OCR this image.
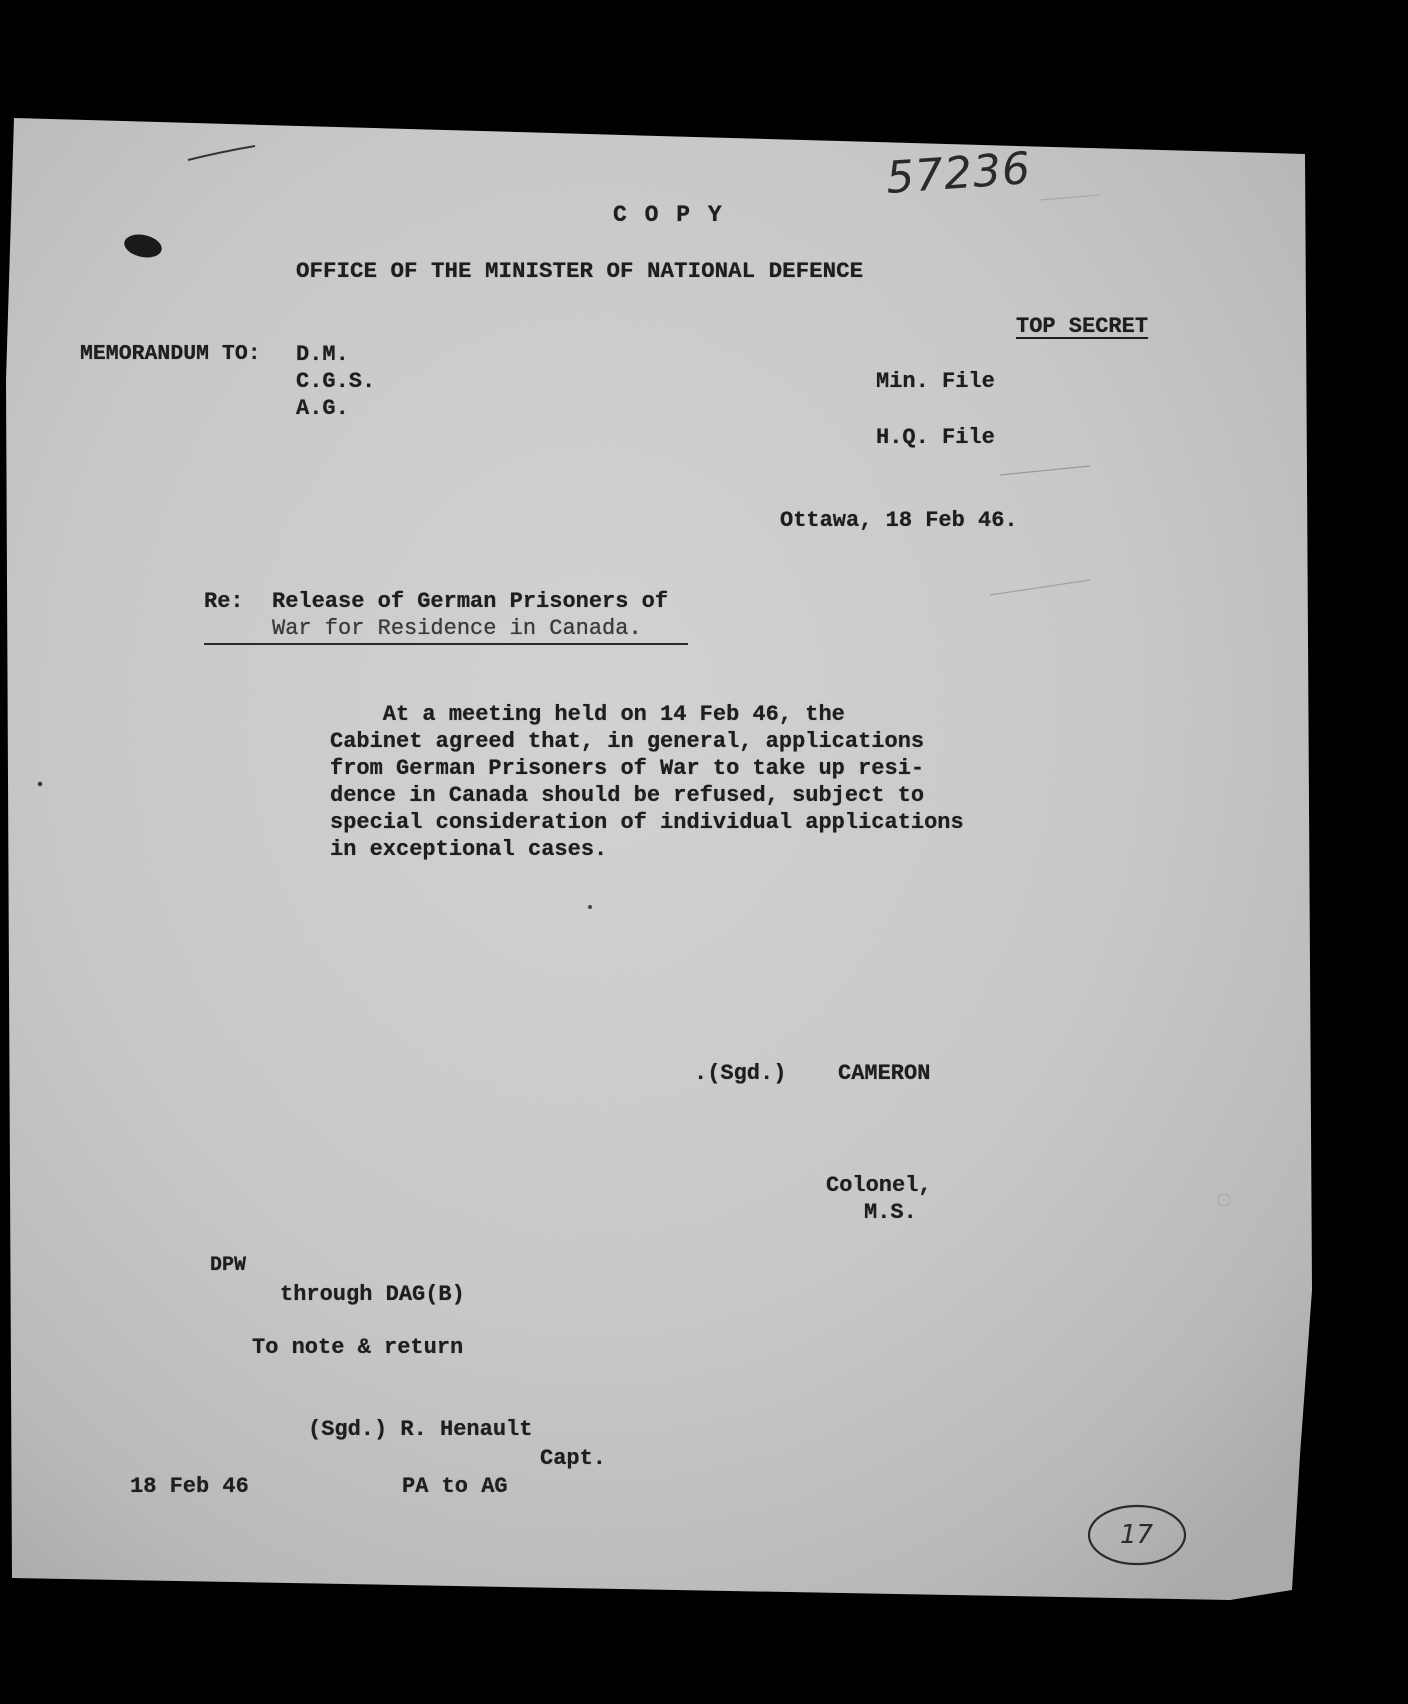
57236
C O P Y
OFFICE OF THE MINISTER OF NATIONAL DEFENCE
TOP SECRET
MEMORANDUM TO: D.M.
C.G.S.
A.G.
Min. File
H.Q. File
Ottawa, 18 Feb 46.
Re: Release of German Prisoners of
War for Residence in Canada.
At a meeting held on 14 Feb 46, the
Cabinet agreed that, in general, applications
from German Prisoners of War to take up resi-
dence in Canada should be refused, subject to
special consideration of individual applications
in exceptional cases.
.(Sgd.) CAMERON
Colonel,
M.S.
DPW
through DAG(B)
To note & return
(Sgd.) R. Henault
Capt.
18 Feb 46	PA to AG
17
